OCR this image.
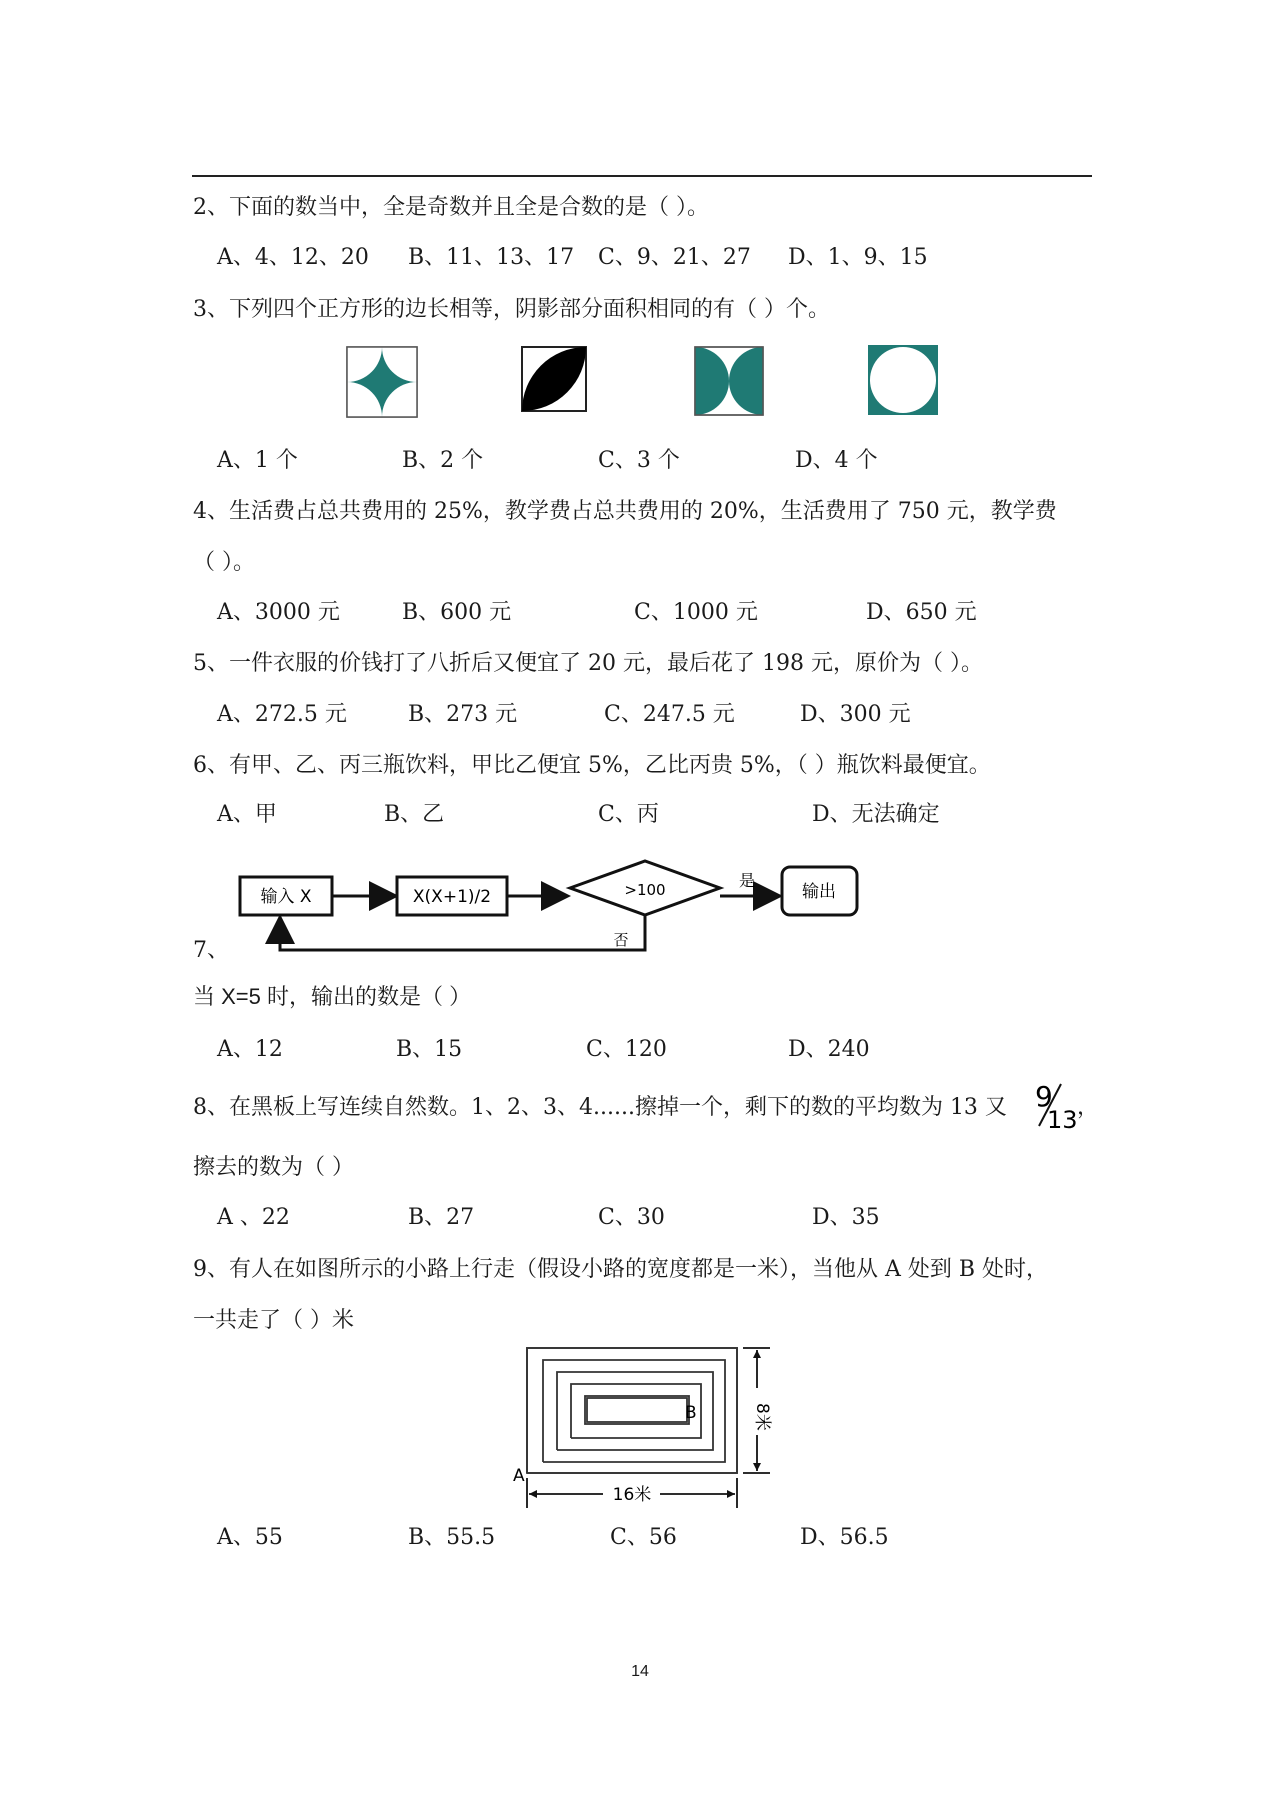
2、下面的数当中，全是奇数并且全是合数的是（ ）。
A、4、12、20 B、11、13、17 C、9、21、27 D、1、9、15
3、下列四个正方形的边长相等，阴影部分面积相同的有（ ）个。
A、1 个	B、2 个	C、3 个	D、4 个
4、生活费占总共费用的 25%，教学费占总共费用的 20%，生活费用了 750 元，教学费
（ ）。
A、3000 元	B、600 元	C、1000 元	D、650 元
5、一件衣服的价钱打了八折后又便宜了 20 元，最后花了 198 元，原价为（ ）。
A、272.5 元	B、273 元	C、247.5 元	D、300 元
6、有甲、乙、丙三瓶饮料，甲比乙便宜 5%，乙比丙贵 5%，（ ）瓶饮料最便宜。
A、甲	B、乙	C、丙	D、无法确定
输入 X	X(X+1)/2	>100	是
输出
否
7、
当 X=5 时，输出的数是（ ）
A、12	B、15	C、120	D、240
8、在黑板上写连续自然数。1、2、3、4......擦掉一个，剩下的数的平均数为 13 又 9
13 ，
擦去的数为（ ）
A 、22	B、27	C、30	D、35
9、有人在如图所示的小路上行走（假设小路的宽度都是一米），当他从 A 处到 B 处时，
一共走了（ ）米
A
B
16米
8米
A、55	B、55.5	C、56	D、56.5
14
